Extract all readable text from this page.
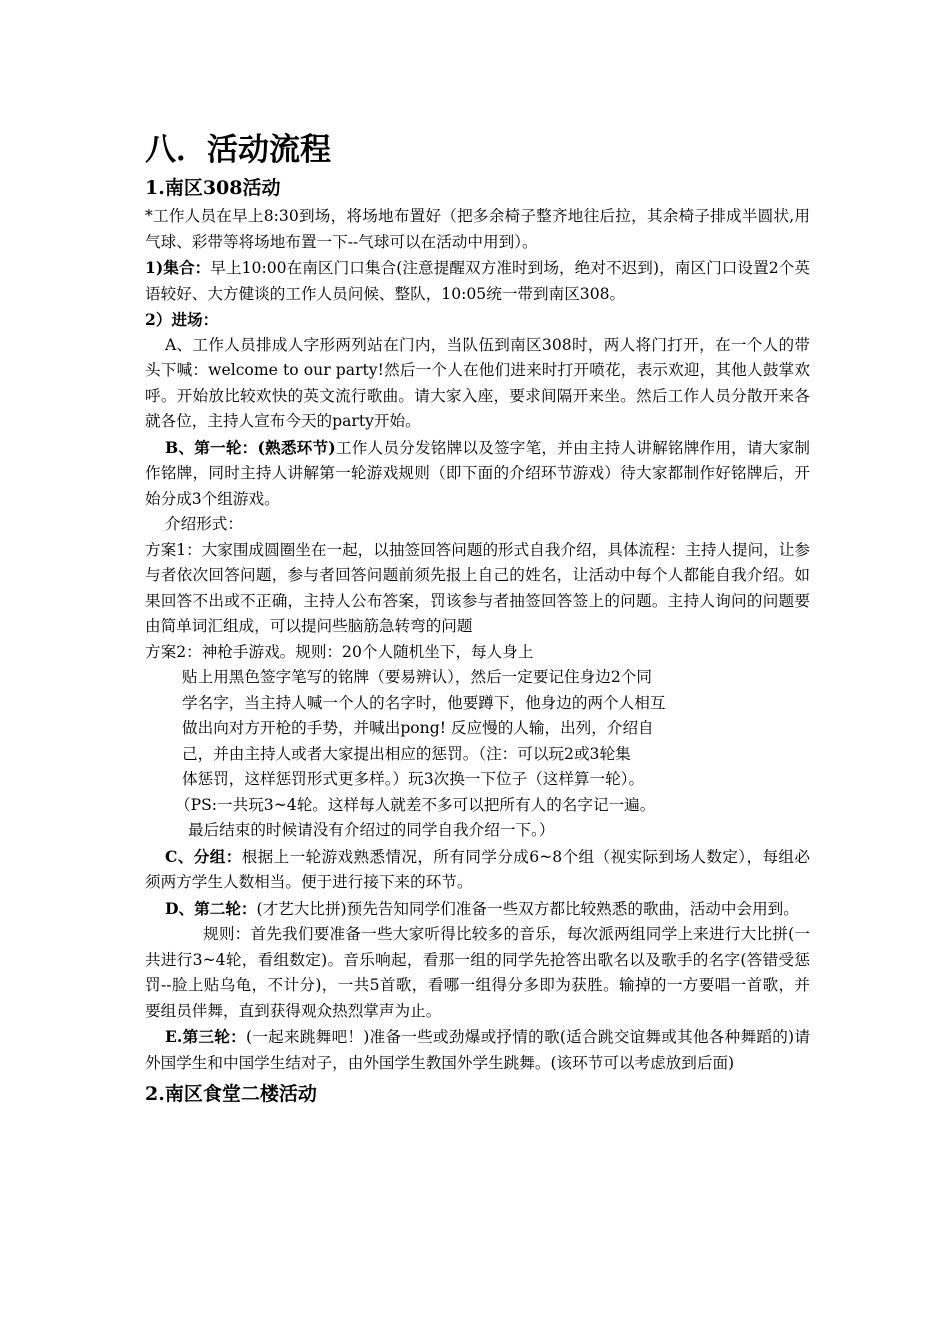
八．活动流程
1.南区308活动

*工作人员在早上8:30到场，将场地布置好（把多余椅子整齐地往后拉，其余椅子排成半圆状,用气球、彩带等将场地布置一下--气球可以在活动中用到）。

1)集合：早上10:00在南区门口集合(注意提醒双方准时到场，绝对不迟到)，南区门口设置2个英语较好、大方健谈的工作人员问候、整队，10:05统一带到南区308。

2）进场：

A、工作人员排成人字形两列站在门内，当队伍到南区308时，两人将门打开，在一个人的带头下喊：welcome to our party!然后一个人在他们进来时打开喷花，表示欢迎，其他人鼓掌欢呼。开始放比较欢快的英文流行歌曲。请大家入座，要求间隔开来坐。然后工作人员分散开来各就各位，主持人宣布今天的party开始。

B、第一轮：(熟悉环节)工作人员分发铭牌以及签字笔，并由主持人讲解铭牌作用，请大家制作铭牌，同时主持人讲解第一轮游戏规则（即下面的介绍环节游戏）待大家都制作好铭牌后，开始分成3个组游戏。

介绍形式：

方案1：大家围成圆圈坐在一起，以抽签回答问题的形式自我介绍，具体流程：主持人提问，让参与者依次回答问题，参与者回答问题前须先报上自己的姓名，让活动中每个人都能自我介绍。如果回答不出或不正确，主持人公布答案，罚该参与者抽签回答签上的问题。主持人询问的问题要由简单词汇组成，可以提问些脑筋急转弯的问题

方案2：神枪手游戏。规则：20个人随机坐下，每人身上

贴上用黑色签字笔写的铭牌（要易辨认），然后一定要记住身边2个同

学名字，当主持人喊一个人的名字时，他要蹲下，他身边的两个人相互

做出向对方开枪的手势，并喊出pong! 反应慢的人输，出列，介绍自

己，并由主持人或者大家提出相应的惩罚。（注：可以玩2或3轮集

体惩罚，这样惩罚形式更多样。）玩3次换一下位子（这样算一轮）。

（PS:一共玩3~4轮。这样每人就差不多可以把所有人的名字记一遍。

最后结束的时候请没有介绍过的同学自我介绍一下。）

C、分组：根据上一轮游戏熟悉情况，所有同学分成6~8个组（视实际到场人数定），每组必须两方学生人数相当。便于进行接下来的环节。

D、第二轮：(才艺大比拼)预先告知同学们准备一些双方都比较熟悉的歌曲，活动中会用到。

规则：首先我们要准备一些大家听得比较多的音乐，每次派两组同学上来进行大比拼(一共进行3~4轮，看组数定)。音乐响起，看那一组的同学先抢答出歌名以及歌手的名字(答错受惩罚--脸上贴乌龟，不计分)，一共5首歌，看哪一组得分多即为获胜。输掉的一方要唱一首歌，并要组员伴舞，直到获得观众热烈掌声为止。

E.第三轮：(一起来跳舞吧！)准备一些或劲爆或抒情的歌(适合跳交谊舞或其他各种舞蹈的)请外国学生和中国学生结对子，由外国学生教国外学生跳舞。(该环节可以考虑放到后面)

2.南区食堂二楼活动
